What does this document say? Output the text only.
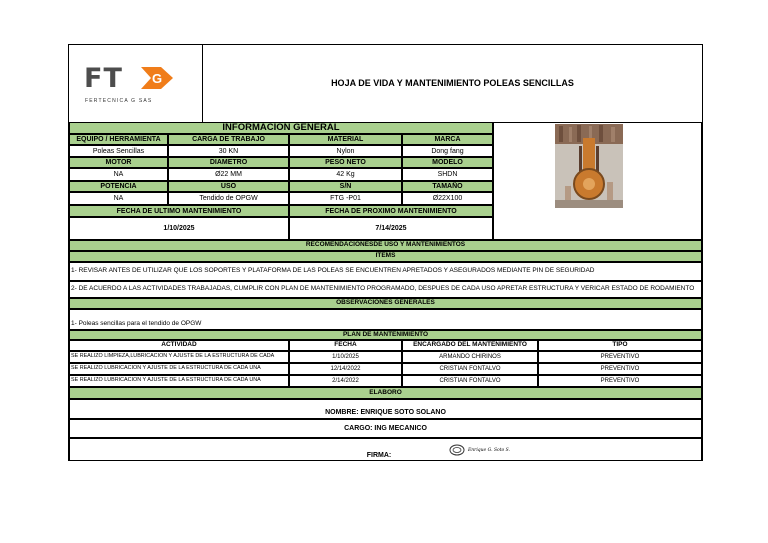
FT G
FERTECNICA G SAS
HOJA DE VIDA Y MANTENIMIENTO POLEAS SENCILLAS
INFORMACION GENERAL
EQUIPO / HERRAMIENTA	CARGA DE TRABAJO	MATERIAL	MARCA
Poleas Sencillas	30 KN	Nylon	Dong fang
MOTOR	DIAMETRO	PESO NETO	MODELO
NA	Ø22 MM	42 Kg	SHDN
POTENCIA	USO	S/N	TAMAÑO
NA	Tendido de OPGW	FTG -P01	Ø22X100
FECHA DE ULTIMO MANTENIMIENTO	FECHA DE PROXIMO MANTENIMIENTO
1/10/2025	7/14/2025
RECOMENDACIONESDE USO Y MANTENIMIENTOS
ITEMS
1- REVISAR ANTES DE UTILIZAR QUE LOS SOPORTES Y PLATAFORMA DE LAS POLEAS SE ENCUENTREN APRETADOS Y ASEGURADOS MEDIANTE PIN DE SEGURIDAD
2- DE ACUERDO A LAS ACTIVIDADES TRABAJADAS, CUMPLIR CON PLAN DE MANTENIMIENTO PROGRAMADO, DESPUES DE CADA USO APRETAR ESTRUCTURA Y VERICAR ESTADO DE RODAMIENTO
OBSERVACIONES GENERALES
1- Poleas sencillas para el tendido de OPGW
PLAN DE MANTENIMIENTO
ACTIVIDAD	FECHA	ENCARGADO DEL MANTENIMIENTO	TIPO
SE REALIZO LIMPIEZA,LUBRICACION Y AJUSTE DE LA ESTRUCTURA DE CADA	1/10/2025	ARMANDO CHIRINOS	PREVENTIVO
SE REALIZO LUBRICACION Y AJUSTE DE LA ESTRUCTURA DE CADA UNA	12/14/2022	CRISTIAN FONTALVO	PREVENTIVO
SE REALIZO LUBRICACION Y AJUSTE DE LA ESTRUCTURA DE CADA UNA	2/14/2022	CRISTIAN FONTALVO	PREVENTIVO
ELABORO
NOMBRE: ENRIQUE SOTO SOLANO
CARGO: ING MECANICO
FIRMA:
Enrique G. Soto S.
